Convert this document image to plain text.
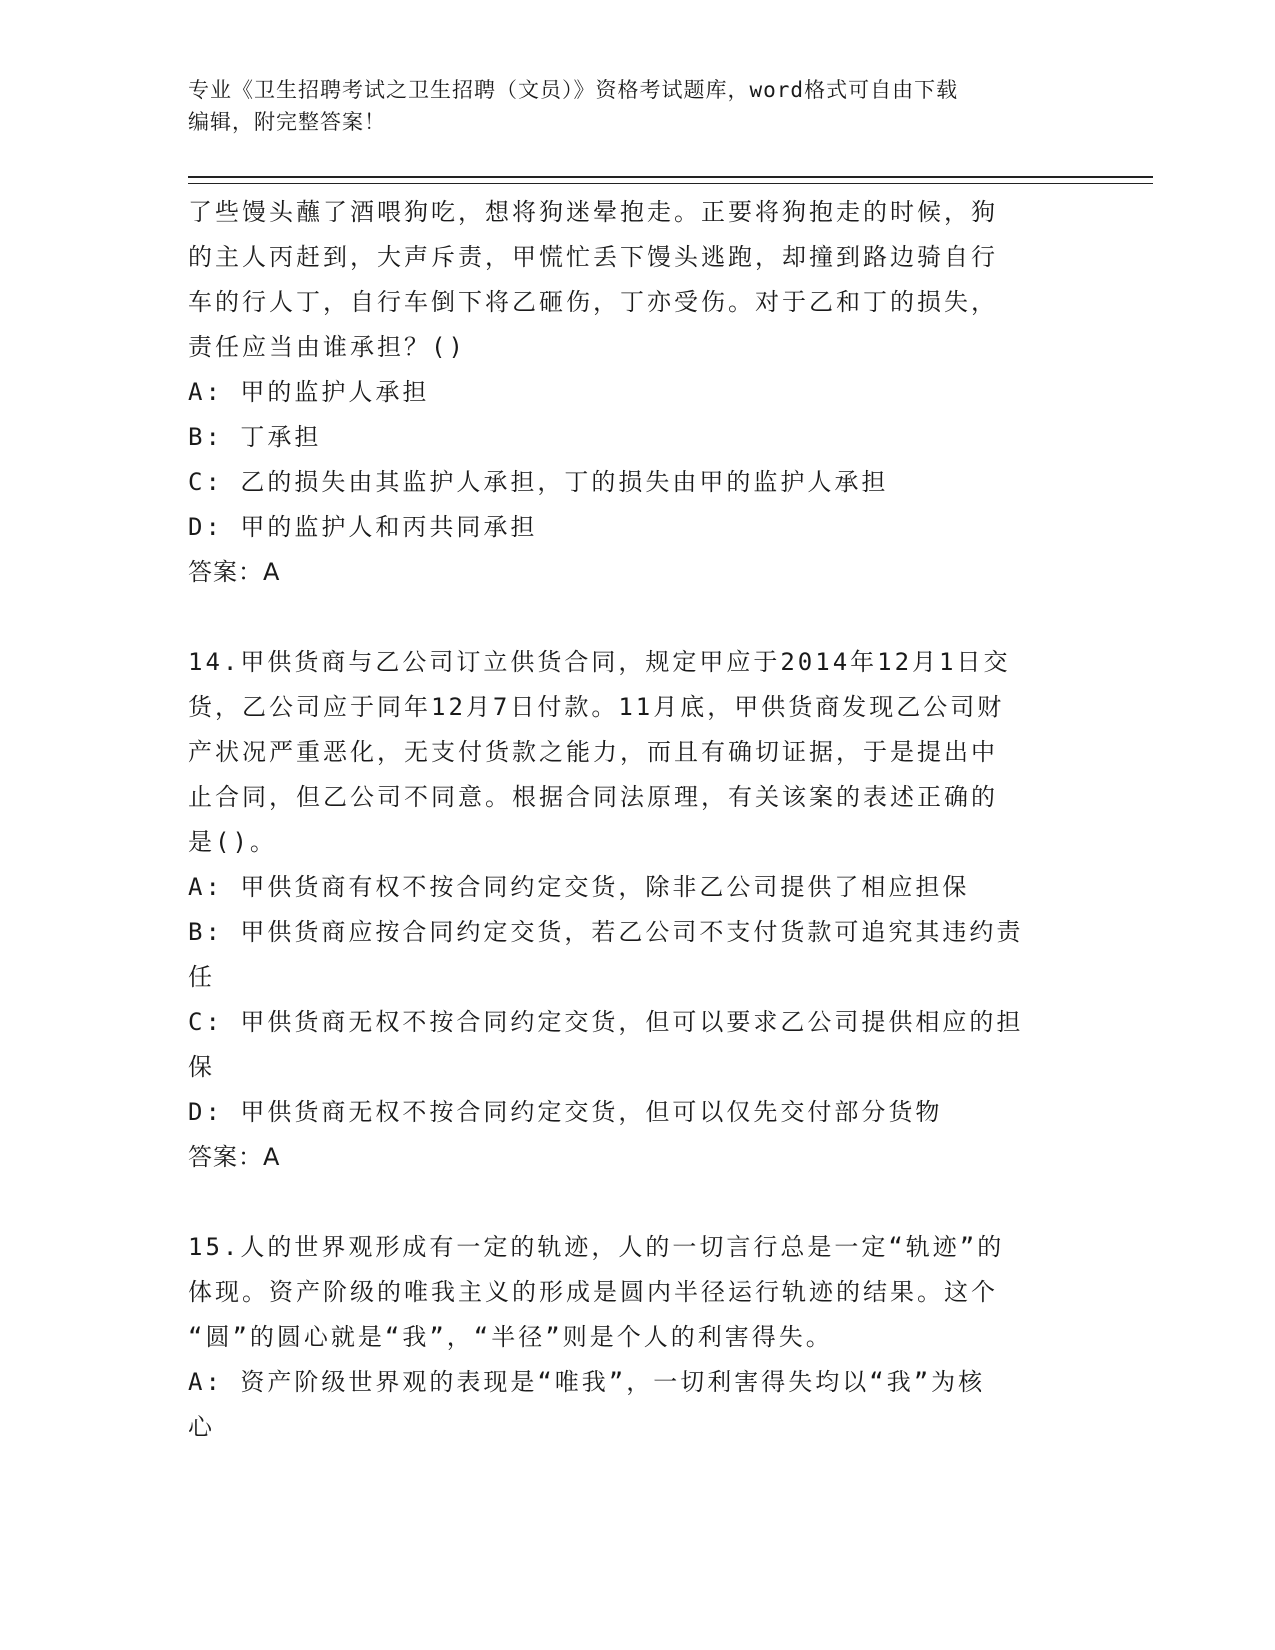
专业《卫生招聘考试之卫生招聘（文员）》资格考试题库，word格式可自由下载
编辑，附完整答案！

了些馒头蘸了酒喂狗吃，想将狗迷晕抱走。正要将狗抱走的时候，狗

的主人丙赶到，大声斥责，甲慌忙丢下馒头逃跑，却撞到路边骑自行

车的行人丁，自行车倒下将乙砸伤，丁亦受伤。对于乙和丁的损失，

责任应当由谁承担？()

A: 甲的监护人承担

B: 丁承担

C: 乙的损失由其监护人承担，丁的损失由甲的监护人承担

D: 甲的监护人和丙共同承担

答案：A

14.甲供货商与乙公司订立供货合同，规定甲应于2014年12月1日交

货，乙公司应于同年12月7日付款。11月底，甲供货商发现乙公司财

产状况严重恶化，无支付货款之能力，而且有确切证据，于是提出中

止合同，但乙公司不同意。根据合同法原理，有关该案的表述正确的

是()。

A: 甲供货商有权不按合同约定交货，除非乙公司提供了相应担保

B: 甲供货商应按合同约定交货，若乙公司不支付货款可追究其违约责

任

C: 甲供货商无权不按合同约定交货，但可以要求乙公司提供相应的担

保

D: 甲供货商无权不按合同约定交货，但可以仅先交付部分货物

答案：A

15.人的世界观形成有一定的轨迹，人的一切言行总是一定“轨迹”的

体现。资产阶级的唯我主义的形成是圆内半径运行轨迹的结果。这个

“圆”的圆心就是“我”，“半径”则是个人的利害得失。

A: 资产阶级世界观的表现是“唯我”，一切利害得失均以“我”为核

心
